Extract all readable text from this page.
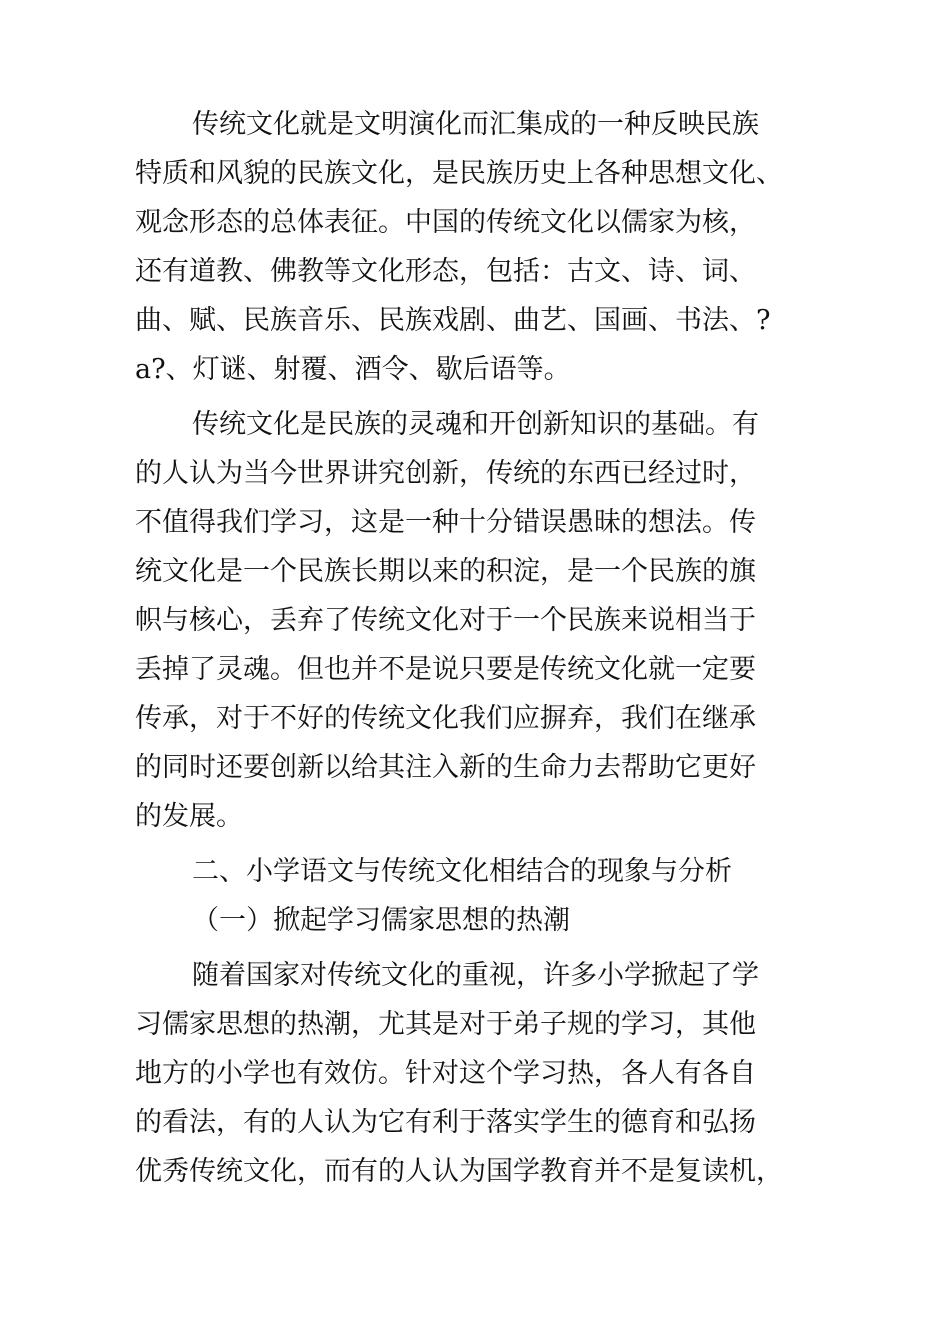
传统文化就是文明演化而汇集成的一种反映民族
特质和风貌的民族文化，是民族历史上各种思想文化、
观念形态的总体表征。中国的传统文化以儒家为核，
还有道教、佛教等文化形态，包括：古文、诗、词、
曲、赋、民族音乐、民族戏剧、曲艺、国画、书法、?
a?、灯谜、射覆、酒令、歇后语等。
传统文化是民族的灵魂和开创新知识的基础。有
的人认为当今世界讲究创新，传统的东西已经过时，
不值得我们学习，这是一种十分错误愚昧的想法。传
统文化是一个民族长期以来的积淀，是一个民族的旗
帜与核心，丢弃了传统文化对于一个民族来说相当于
丢掉了灵魂。但也并不是说只要是传统文化就一定要
传承，对于不好的传统文化我们应摒弃，我们在继承
的同时还要创新以给其注入新的生命力去帮助它更好
的发展。
二、小学语文与传统文化相结合的现象与分析
（一）掀起学习儒家思想的热潮
随着国家对传统文化的重视，许多小学掀起了学
习儒家思想的热潮，尤其是对于弟子规的学习，其他
地方的小学也有效仿。针对这个学习热，各人有各自
的看法，有的人认为它有利于落实学生的德育和弘扬
优秀传统文化，而有的人认为国学教育并不是复读机，
